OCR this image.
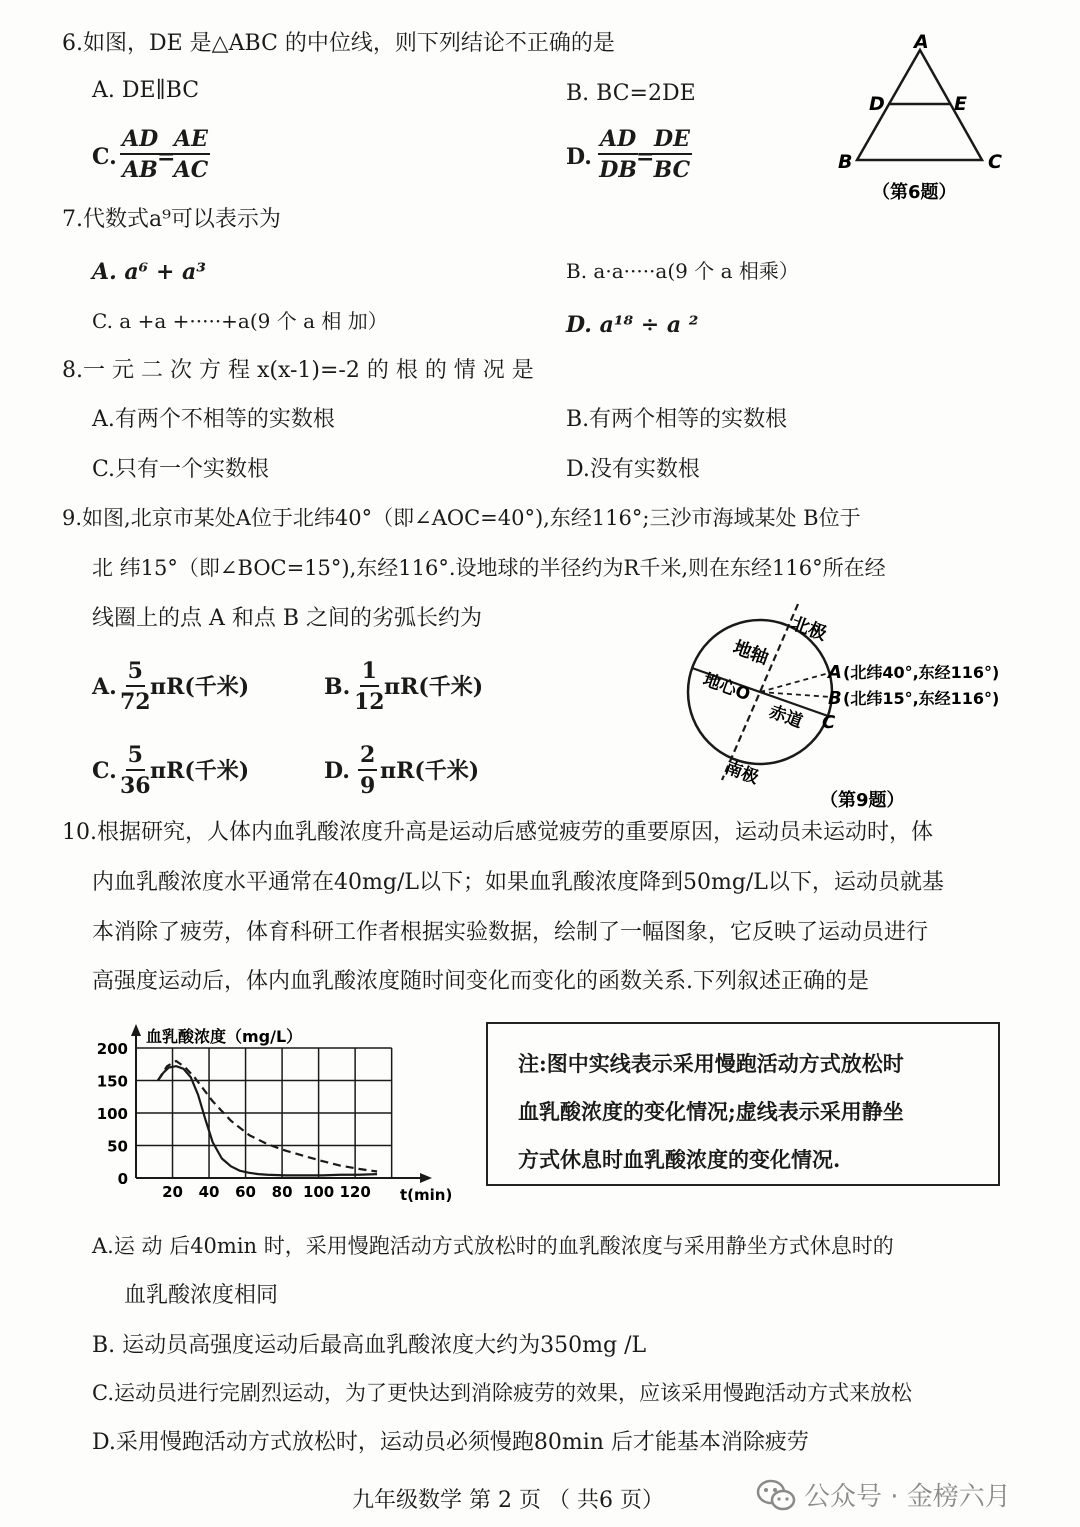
6.如图，DE 是△ABC 的中位线，则下列结论不正确的是
A. DE∥BC	B. BC=2DE
C. $\frac{AD}{AB}$
=
$\frac{AE}{AC}$	D. $\frac{AD}{DB}$
=
$\frac{DE}{BC}$
A
D	E
B	C
（第6题）
7.代数式a⁹可以表示为
A. a⁶ + a³	B. a·a·····a(9 个 a 相乘）
C. a +a +·····+a(9 个 a 相 加）	D. a¹⁸ ÷ a ²
8.一 元 二 次 方 程 x(x-1)=-2 的 根 的 情 况 是
A.有两个不相等的实数根	B.有两个相等的实数根
C.只有一个实数根	D.没有实数根
9.如图,北京市某处A位于北纬40°（即∠AOC=40°),东经116°;三沙市海域某处 B位于
北 纬15°（即∠BOC=15°),东经116°.设地球的半径约为R千米,则在东经116°所在经
线圈上的点 A 和点 B 之间的劣弧长约为
A. $\frac{5}{72} \pi R$(千米)	B. $\frac{1}{12} \pi R$(千米)
C. $\frac{5}{36} \pi R$(千米)	D. $\frac{2}{9} \pi R$(千米)
北极
地轴
地心O
赤道
南极
A (北纬40°,东经116°)
B (北纬15°,东经116°)
C
（第9题）
10.根据研究，人体内血乳酸浓度升高是运动后感觉疲劳的重要原因，运动员未运动时，体
内血乳酸浓度水平通常在40mg/L以下；如果血乳酸浓度降到50mg/L以下，运动员就基
本消除了疲劳，体育科研工作者根据实验数据，绘制了一幅图象，它反映了运动员进行
高强度运动后，体内血乳酸浓度随时间变化而变化的函数关系.下列叙述正确的是
血乳酸浓度（mg/L）
t(min)
20 40 60 80 100 120
0
50
100
150
200
注:图中实线表示采用慢跑活动方式放松时
血乳酸浓度的变化情况;虚线表示采用静坐
方式休息时血乳酸浓度的变化情况.
A.运 动 后40min 时，采用慢跑活动方式放松时的血乳酸浓度与采用静坐方式休息时的
血乳酸浓度相同
B. 运动员高强度运动后最高血乳酸浓度大约为350mg /L
C.运动员进行完剧烈运动，为了更快达到消除疲劳的效果，应该采用慢跑活动方式来放松
D.采用慢跑活动方式放松时，运动员必须慢跑80min 后才能基本消除疲劳
九年级数学 第 2 页 （ 共6 页）	公众号 · 金榜六月
